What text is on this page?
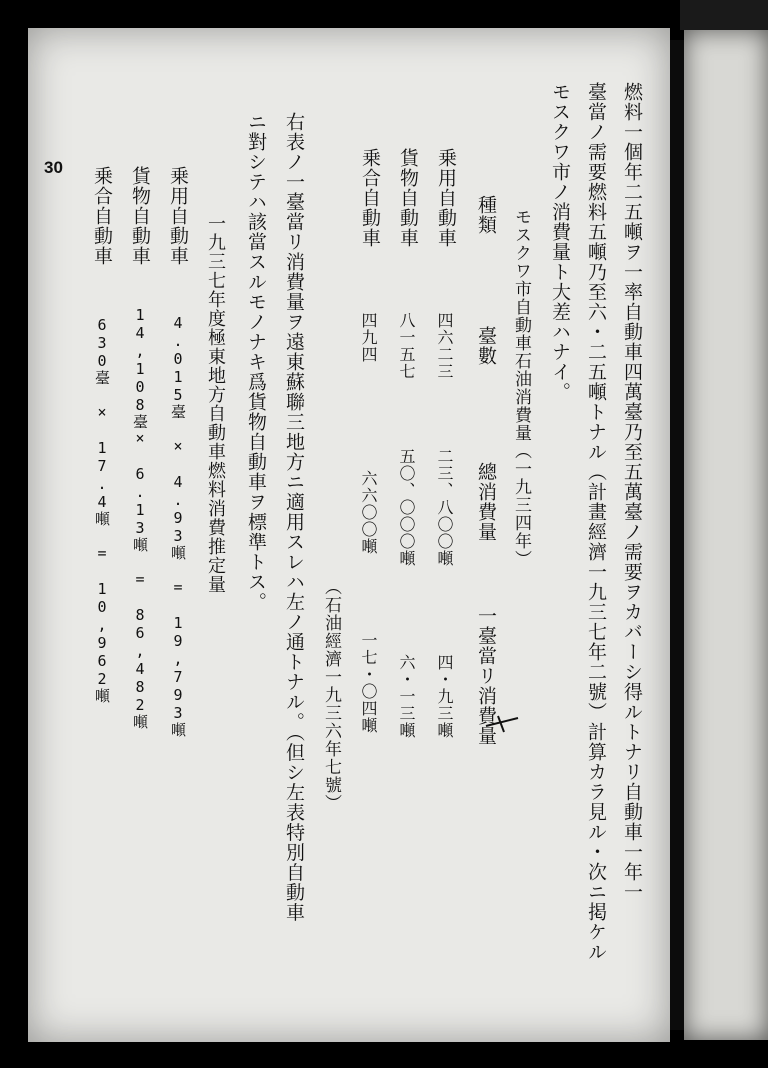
30	燃料一個年二五噸ヲ一率自動車四萬臺乃至五萬臺ノ需要ヲカバーシ得ルトナリ自動車一年一
臺當ノ需要燃料五噸乃至六・二五噸トナル（計畫經濟一九三七年二號）計算カラ見ル・次ニ掲ケル
モスクワ市ノ消費量ト大差ハナイ。
モスクワ市自動車石油消費量（一九三四年）
種類
臺數
總消費量
一臺當リ消費量
乗用自動車
四六二三
二三、八〇〇噸
四・九三噸
貨物自動車
八一五七
五〇、〇〇〇噸
六・一三噸
乗合自動車
四九四
六六〇〇噸
一七・〇四噸
（石油經濟一九三六年七號）
右表ノ一臺當リ消費量ヲ遠東蘇聯三地方ニ適用スレハ左ノ通トナル。（但シ左表特別自動車
ニ對シテハ該當スルモノナキ爲貨物自動車ヲ標準トス。
一九三七年度極東地方自動車燃料消費推定量
乗用自動車
4.015臺 × 4.93噸 = 19,793噸
貨物自動車
14,108臺× 6.13噸 = 86,482噸
乗合自動車
630臺 × 17.4噸 = 10,962噸
